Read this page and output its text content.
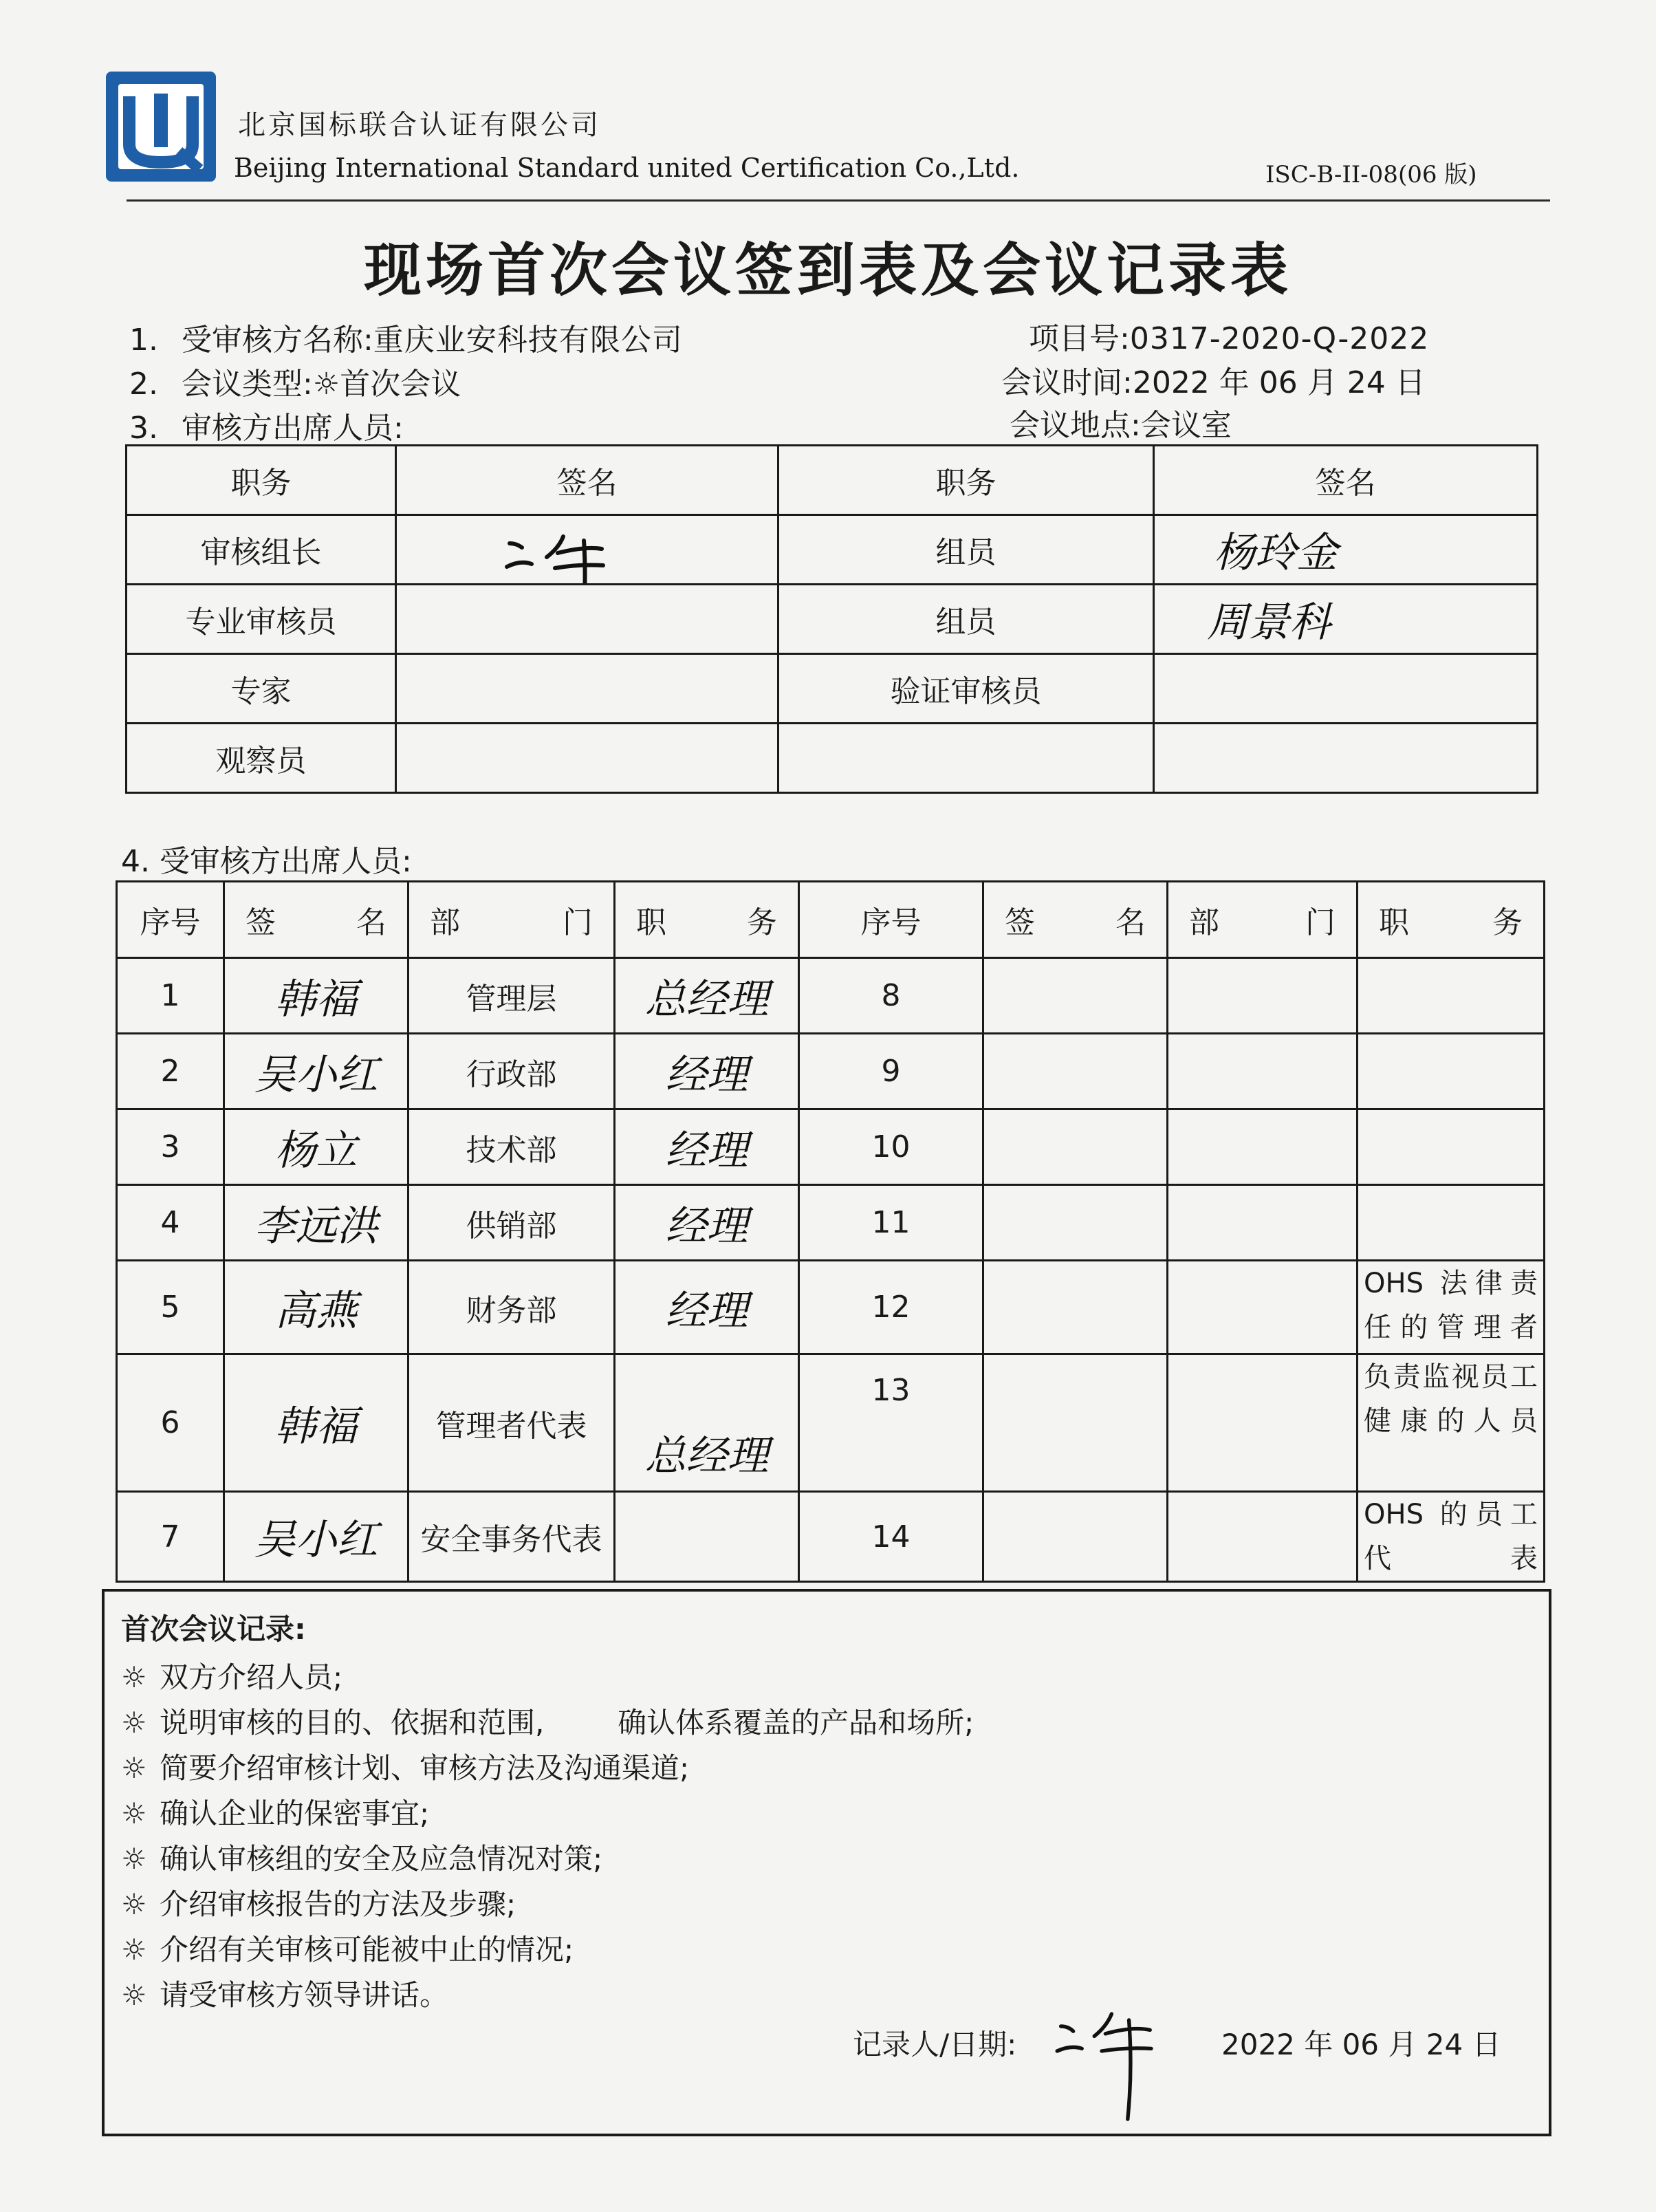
北京国标联合认证有限公司
Beijing International Standard united Certification Co.,Ltd.	ISC-B-II-08(06 版)
现场首次会议签到表及会议记录表
1. 受审核方名称:重庆业安科技有限公司	项目号:0317-2020-Q-2022
2. 会议类型:☼首次会议	会议时间:2022 年 06 月 24 日
3. 审核方出席人员:	会议地点:会议室
职务	签名	职务	签名
审核组长		组员	杨玲金
专业审核员		组员	周景科
专家		验证审核员	
观察员			
4. 受审核方出席人员:
序号	签 名	部 门	职 务	序号	签 名	部 门	职 务

1	韩福	管理层	总经理	8			
2	吴小红	行政部	经理	9			
3	杨立	技术部	经理	10			
4	李远洪	供销部	经理	11			
5	高燕	财务部	经理	12			OHS 法律责任的管理者
6	韩福	管理者代表	总经理	13			负责监视员工健康的人员
7	吴小红	安全事务代表		14			OHS 的员工代表
首次会议记录:
☼ 双方介绍人员;
☼ 说明审核的目的、依据和范围,        确认体系覆盖的产品和场所;
☼ 简要介绍审核计划、审核方法及沟通渠道;
☼ 确认企业的保密事宜;
☼ 确认审核组的安全及应急情况对策;
☼ 介绍审核报告的方法及步骤;
☼ 介绍有关审核可能被中止的情况;
☼ 请受审核方领导讲话。
记录人/日期:	2022 年 06 月 24 日
